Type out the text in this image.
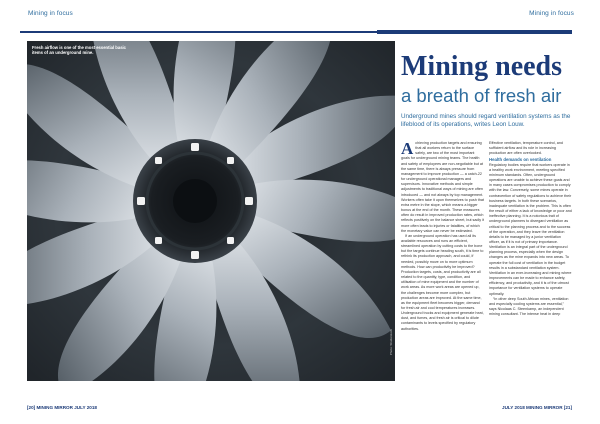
Mining in focus	Mining in focus
Fresh airflow is one of the most essential basic items of an underground mine.
Photo: Shutterstock
Mining needs
a breath of fresh air
Underground mines should regard ventilation systems as the lifeblood of its operations, writes Leon Louw.
A chieving production targets and ensuring that all workers return to the surface safely, are two of the most important goals for underground mining teams. The health and safety of employees are non-negotiable but at the same time, there is always pressure from management to improve production — a catch-22 for underground operational managers and supervisors. Innovative methods and simple adjustments to traditional ways of mining are often introduced — and not always by top management. Workers often take it upon themselves to push that extra metre in the stope, which means a bigger bonus at the end of the month. These measures often do result in improved production rates, which reflects positively on the balance sheet, but sadly it more often leads to injuries or fatalities, of which the monetary value can never be estimated.

If an underground operation has used all its available resources and runs an efficient, streamlined operation by cutting costs to the bone but the targets continue heading south, it is time to rethink its production approach, and could, if needed, possibly move on to more optimum methods. How can productivity be improved? Production targets, costs, and productivity are all related to the quantity, type, condition, and utilisation of mine equipment and the number of work areas. As more work areas are opened up, the challenges become more complex, but production areas are improved. At the same time, as the equipment fleet becomes bigger, demand for fresh air and cool temperatures increases. Underground trucks and equipment generate heat, dust, and fumes, and fresh air is critical to dilute contaminants to levels specified by regulatory authorities.

Effective ventilation, temperature control, and sufficient airflow and its role in increasing production are often overlooked.

Health demands on ventilation

Regulatory bodies require that workers operate in a healthy work environment, meeting specified minimum standards. Often, underground operations are unable to achieve these goals and in many cases compromises production to comply with the law. Conversely, some mines operate in contravention of safety regulations to achieve their business targets. In both these scenarios, inadequate ventilation is the problem. This is often the result of either a lack of knowledge or poor and ineffective planning. It is a notorious trait of underground planners to disregard ventilation as critical to the planning process and to the success of the operation, and they leave the ventilation details to be managed by a junior ventilation officer, as if it is not of primary importance. Ventilation is an integral part of the underground planning process, especially when the design changes as the mine expands into new areas. To operate the full cost of ventilation in the budget results in a substandard ventilation system. Ventilation in an ever-increasing and mining where improvements can be made to enhance safety, efficiency, and productivity, and it is of the utmost importance for ventilation systems to operate optimally.

“In other deep South African mines, ventilation and especially cooling systems are essential,” says Nicolaas C. Steenkamp, an independent mining consultant. The intense heat in deep

[20] MINING MIRROR JULY 2018	JULY 2018 MINING MIRROR [21]
